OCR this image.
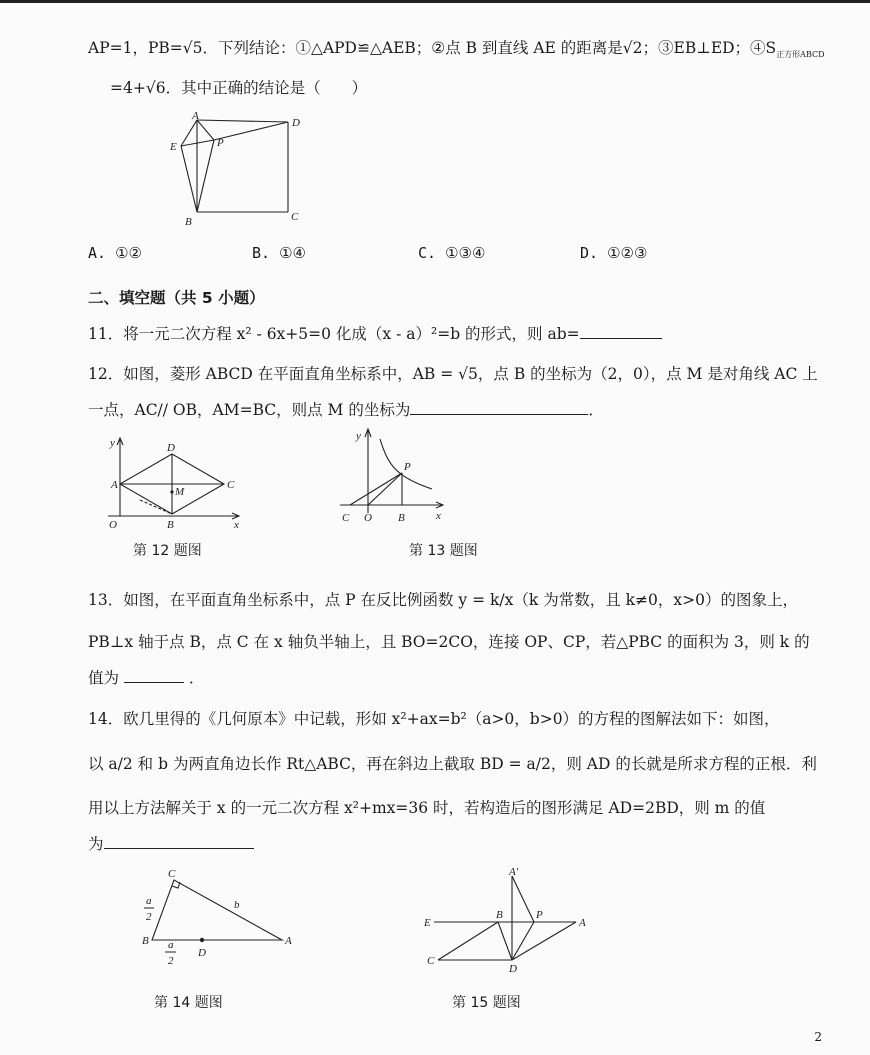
AP=1，PB=√5．下列结论：①△APD≌△AEB；②点 B 到直线 AE 的距离是√2；③EB⊥ED；$④S_{正方形ABCD}$
=4+√6．其中正确的结论是（　　）
A
D
E	P
B	C
A. ①②	B. ①④	C. ①③④	D. ①②③
二、填空题（共 5 小题）
11．将一元二次方程 x² - 6x+5=0 化成（x - a）²=b 的形式，则 ab=
12．如图，菱形 ABCD 在平面直角坐标系中，AB = √5，点 B 的坐标为（2，0），点 M 是对角线 AC 上
一点，AC// OB，AM=BC，则点 M 的坐标为	．
y
x
O
A
B
C
D
M
第 12 题图
y
x
O B
C
P
第 13 题图
13．如图，在平面直角坐标系中，点 P 在反比例函数 y = k/x（k 为常数，且 k≠0，x>0）的图象上，
PB⊥x 轴于点 B，点 C 在 x 轴负半轴上，且 BO=2CO，连接 OP、CP，若△PBC 的面积为 3，则 k 的
值为	．
14．欧几里得的《几何原本》中记载，形如 x²+ax=b²（a>0，b>0）的方程的图解法如下：如图，
以 a/2 和 b 为两直角边长作 Rt△ABC，再在斜边上截取 BD = a/2，则 AD 的长就是所求方程的正根．利
用以上方法解关于 x 的一元二次方程 x²+mx=36 时，若构造后的图形满足 AD=2BD，则 m 的值
为
C
B	A
D
b
a
2
a
2
第 14 题图
A′
B	P
A
E
C
D
第 15 题图
2
